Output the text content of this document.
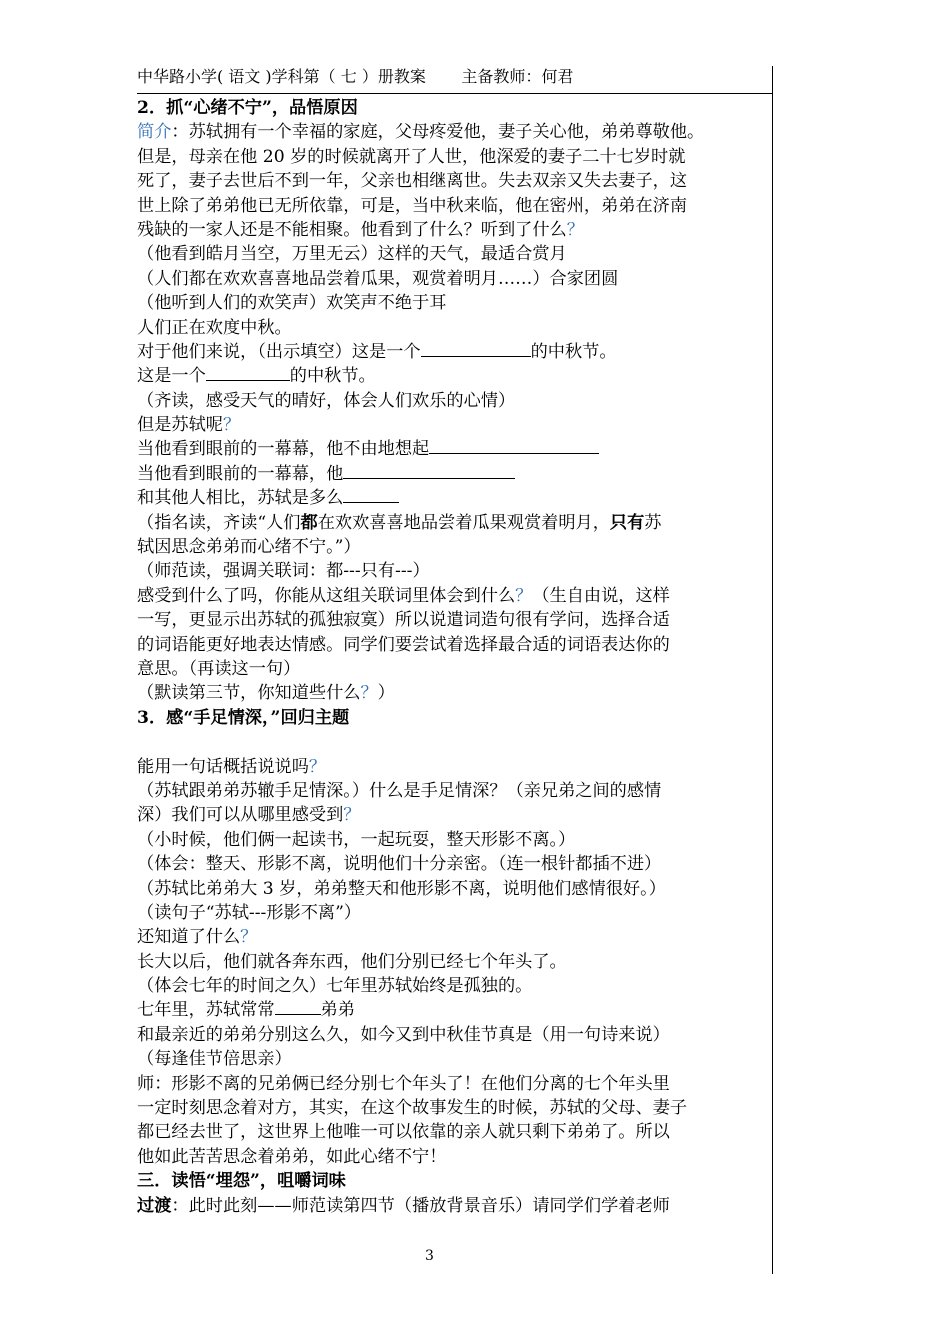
中华路小学( 语文 )学科第（ 七 ）册教案       主备教师：何君
2．抓“心绪不宁”，品悟原因
简介：苏轼拥有一个幸福的家庭，父母疼爱他，妻子关心他，弟弟尊敬他。
但是，母亲在他 20 岁的时候就离开了人世，他深爱的妻子二十七岁时就
死了，妻子去世后不到一年，父亲也相继离世。失去双亲又失去妻子，这
世上除了弟弟他已无所依靠，可是，当中秋来临，他在密州，弟弟在济南
残缺的一家人还是不能相聚。他看到了什么？听到了什么？
（他看到皓月当空，万里无云）这样的天气，最适合赏月
（人们都在欢欢喜喜地品尝着瓜果，观赏着明月……）合家团圆
（他听到人们的欢笑声）欢笑声不绝于耳
人们正在欢度中秋。
对于他们来说，（出示填空）这是一个	的中秋节。
这是一个	的中秋节。
（齐读，感受天气的晴好，体会人们欢乐的心情）
但是苏轼呢？
当他看到眼前的一幕幕，他不由地想起
当他看到眼前的一幕幕，他
和其他人相比，苏轼是多么
（指名读，齐读“人们都在欢欢喜喜地品尝着瓜果观赏着明月，只有苏
轼因思念弟弟而心绪不宁。”）
（师范读，强调关联词：都---只有---）
感受到什么了吗，你能从这组关联词里体会到什么？（生自由说，这样
一写，更显示出苏轼的孤独寂寞）所以说遣词造句很有学问，选择合适
的词语能更好地表达情感。同学们要尝试着选择最合适的词语表达你的
意思。（再读这一句）
（默读第三节，你知道些什么？）
3．感“手足情深，”回归主题
能用一句话概括说说吗？
（苏轼跟弟弟苏辙手足情深。）什么是手足情深？（亲兄弟之间的感情
深）我们可以从哪里感受到？
（小时候，他们俩一起读书，一起玩耍，整天形影不离。）
（体会：整天、形影不离，说明他们十分亲密。（连一根针都插不进）
（苏轼比弟弟大 3 岁，弟弟整天和他形影不离，说明他们感情很好。）
（读句子“苏轼---形影不离”）
还知道了什么？
长大以后，他们就各奔东西，他们分别已经七个年头了。
（体会七年的时间之久）七年里苏轼始终是孤独的。
七年里，苏轼常常	弟弟
和最亲近的弟弟分别这么久，如今又到中秋佳节真是（用一句诗来说）
（每逢佳节倍思亲）
师：形影不离的兄弟俩已经分别七个年头了！在他们分离的七个年头里
一定时刻思念着对方，其实，在这个故事发生的时候，苏轼的父母、妻子
都已经去世了，这世界上他唯一可以依靠的亲人就只剩下弟弟了。所以
他如此苦苦思念着弟弟，如此心绪不宁！
三．读悟“埋怨”，咀嚼词味
过渡：此时此刻——师范读第四节（播放背景音乐）请同学们学着老师
3
